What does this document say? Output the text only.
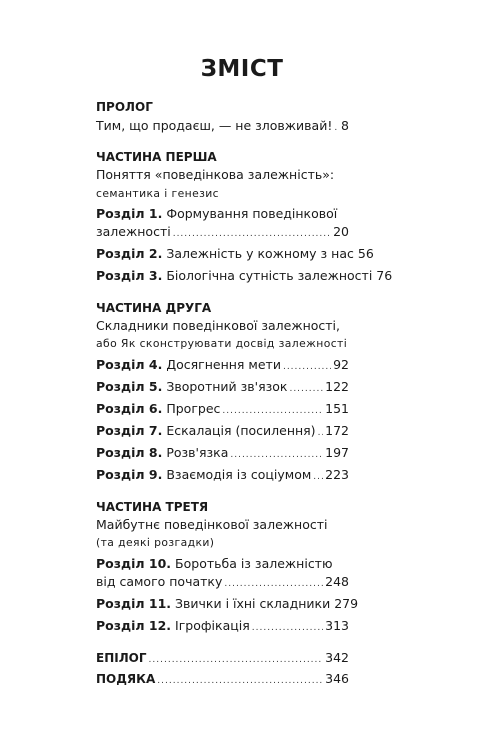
ЗМІСТ
ПРОЛОГ
Тим, що продаєш, — не зловживай! ..... 8
ЧАСТИНА ПЕРША
Поняття «поведінкова залежність»:
семантика і генезис
Розділ 1. Формування поведінкової
залежності .....	20
Розділ 2. Залежність у кожному з нас 56
Розділ 3. Біологічна сутність залежності 76
ЧАСТИНА ДРУГА
Складники поведінкової залежності,
або Як сконструювати досвід залежності
Розділ 4. Досягнення мети .....	92
Розділ 5. Зворотний зв'язок .....	122
Розділ 6. Прогрес .....	151
Розділ 7. Ескалація (посилення) ..... 172
Розділ 8. Розв'язка .....	197
Розділ 9. Взаємодія із соціумом ..... 223
ЧАСТИНА ТРЕТЯ
Майбутнє поведінкової залежності
(та деякі розгадки)
Розділ 10. Боротьба із залежністю
від самого початку .....	248
Розділ 11. Звички і їхні складники 279
Розділ 12. Ігрофікація .....	313
ЕПІЛОГ .....	342
ПОДЯКА .....	346
